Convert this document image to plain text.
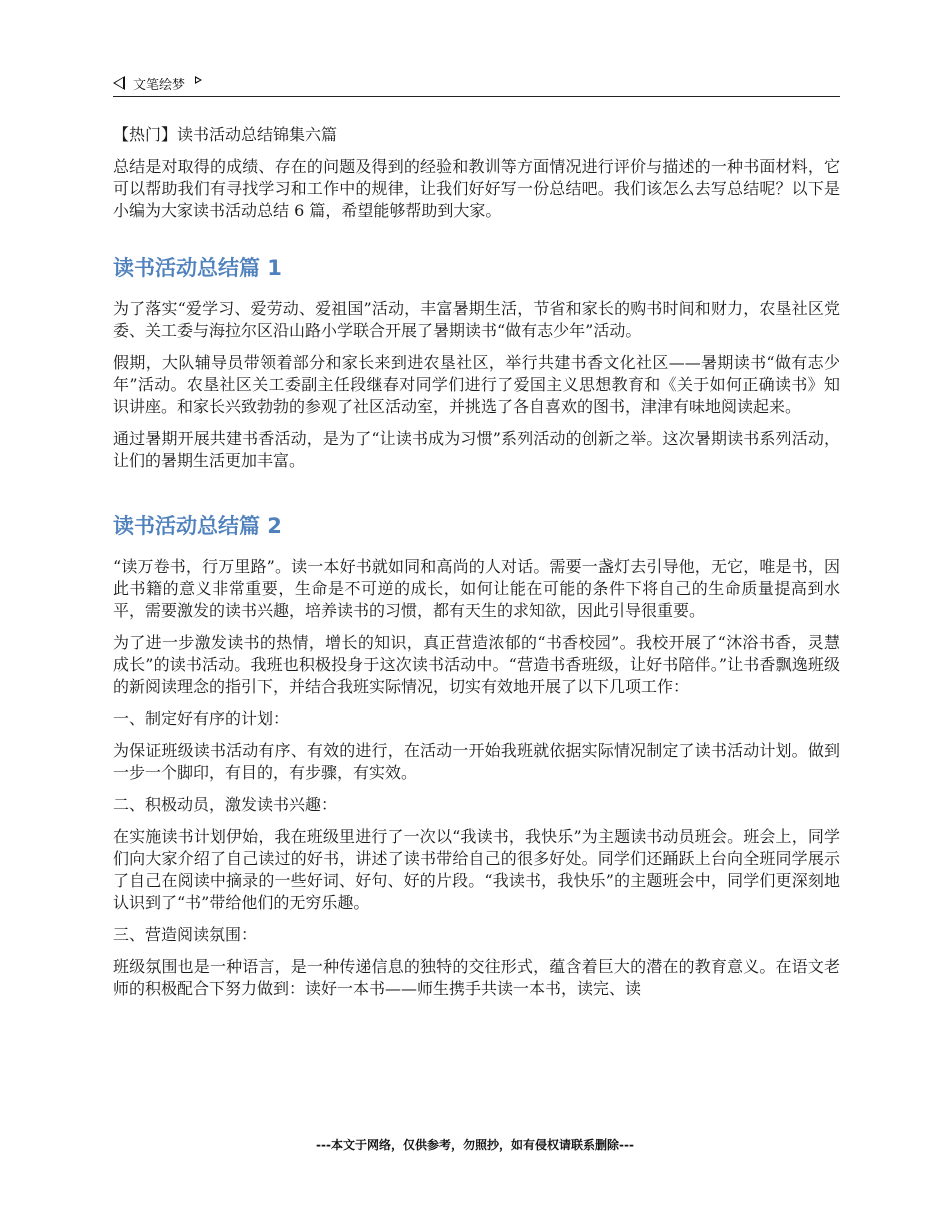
文笔绘梦

【热门】读书活动总结锦集六篇

总结是对取得的成绩、存在的问题及得到的经验和教训等方面情况进行评价与描述的一种书面材料，它可以帮助我们有寻找学习和工作中的规律，让我们好好写一份总结吧。我们该怎么去写总结呢？以下是小编为大家读书活动总结 6 篇，希望能够帮助到大家。

读书活动总结篇 1

为了落实“爱学习、爱劳动、爱祖国”活动，丰富暑期生活，节省和家长的购书时间和财力，农垦社区党委、关工委与海拉尔区沿山路小学联合开展了暑期读书“做有志少年”活动。

假期，大队辅导员带领着部分和家长来到进农垦社区，举行共建书香文化社区——暑期读书“做有志少年”活动。农垦社区关工委副主任段继春对同学们进行了爱国主义思想教育和《关于如何正确读书》知识讲座。和家长兴致勃勃的参观了社区活动室，并挑选了各自喜欢的图书，津津有味地阅读起来。

通过暑期开展共建书香活动，是为了“让读书成为习惯”系列活动的创新之举。这次暑期读书系列活动，让们的暑期生活更加丰富。

读书活动总结篇 2

“读万卷书，行万里路”。读一本好书就如同和高尚的人对话。需要一盏灯去引导他，无它，唯是书，因此书籍的意义非常重要，生命是不可逆的成长，如何让能在可能的条件下将自己的生命质量提高到水平，需要激发的读书兴趣，培养读书的习惯，都有天生的求知欲，因此引导很重要。

为了进一步激发读书的热情，增长的知识，真正营造浓郁的“书香校园”。我校开展了“沐浴书香，灵慧成长”的读书活动。我班也积极投身于这次读书活动中。“营造书香班级，让好书陪伴。”让书香飘逸班级的新阅读理念的指引下，并结合我班实际情况，切实有效地开展了以下几项工作：

一、制定好有序的计划：

为保证班级读书活动有序、有效的进行，在活动一开始我班就依据实际情况制定了读书活动计划。做到一步一个脚印，有目的，有步骤，有实效。

二、积极动员，激发读书兴趣：

在实施读书计划伊始，我在班级里进行了一次以“我读书，我快乐”为主题读书动员班会。班会上，同学们向大家介绍了自己读过的好书，讲述了读书带给自己的很多好处。同学们还踊跃上台向全班同学展示了自己在阅读中摘录的一些好词、好句、好的片段。“我读书，我快乐”的主题班会中，同学们更深刻地认识到了“书”带给他们的无穷乐趣。

三、营造阅读氛围：

班级氛围也是一种语言，是一种传递信息的独特的交往形式，蕴含着巨大的潜在的教育意义。在语文老师的积极配合下努力做到：读好一本书——师生携手共读一本书，读完、读

---本文于网络，仅供参考，勿照抄，如有侵权请联系删除---
